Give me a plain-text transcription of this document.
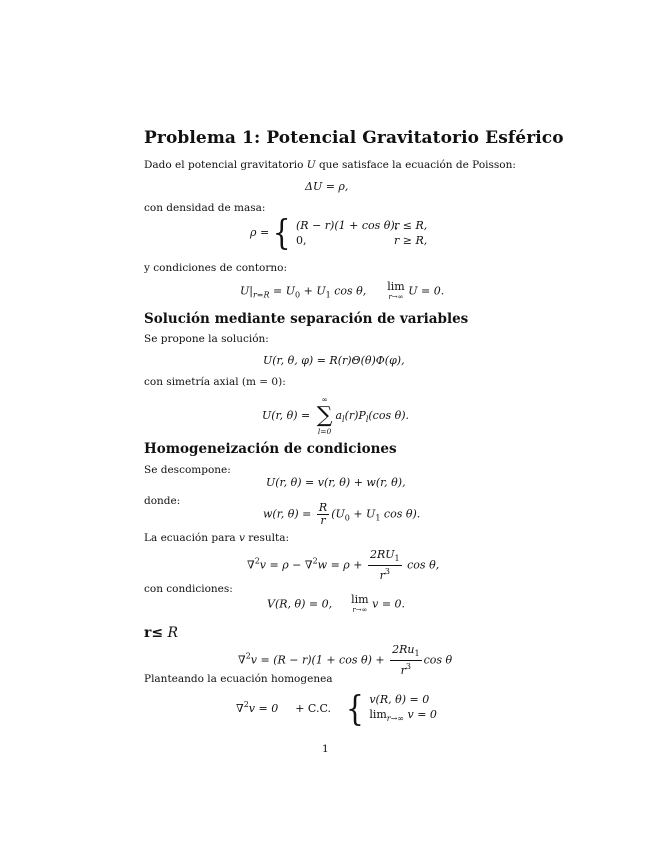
Problema 1: Potencial Gravitatorio Esférico
Dado el potencial gravitatorio U que satisface la ecuación de Poisson:
ΔU = ρ,
con densidad de masa:
ρ = { (R − r)(1 + cos θ),r ≤ R,
0,	r ≥ R,
y condiciones de contorno:
$U|_{r=R} = U_0 + U_1$ cos θ, lim
r→∞ U = 0.
Solución mediante separación de variables
Se propone la solución:
U(r, θ, φ) = R(r)Θ(θ)Φ(φ),
con simetría axial (m = 0):
U(r, θ) =
∞
∑
l=0
$a_l(r)P_l(\cos$ θ).
Homogeneización de condiciones
Se descompone:
U(r, θ) = v(r, θ) + w(r, θ),
donde:
w(r, $\theta) = \frac{R}{r} (U_0 + U_1$ cos θ).
La ecuación para v resulta:
$\nabla^2v = \rho - \nabla^2w = \rho + \frac{2RU_1}{r^3}$ cos θ,
con condiciones:
V(R, θ) = 0, lim
r→∞ v = 0.
r≤ R
$\nabla^2v = (R - r)(1 + \cos \theta) + \frac{2Ru_1}{r^3}$ cos θ
Planteando la ecuación homogenea
∇$^2$v = 0 + C.C. { v(R, θ) = 0
$\lim_{r\to\infty} v = 0$
1
